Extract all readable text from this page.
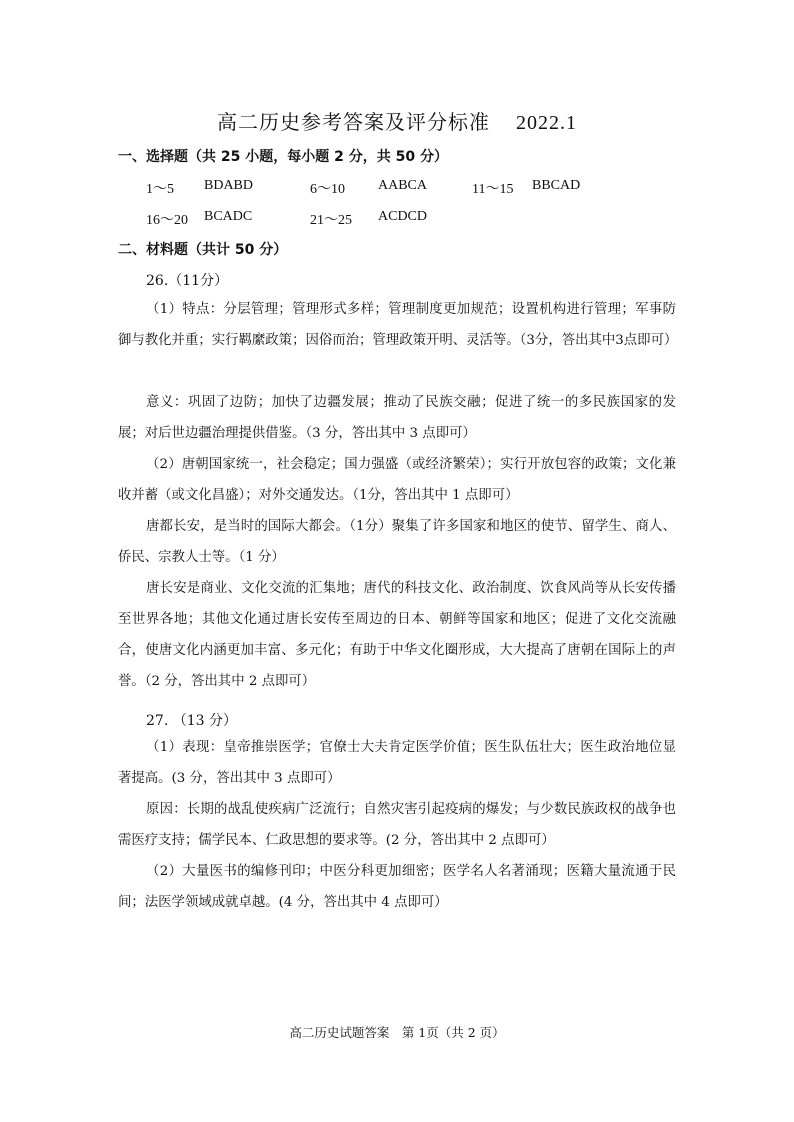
高二历史参考答案及评分标准 2022.1
一、选择题（共 25 小题，每小题 2 分，共 50 分）
1～5 BDABD	6～10 AABCA	11～15 BBCAD
16～20 BCADC	21～25 ACDCD
二、材料题（共计 50 分）
26.（11分）
（1）特点：分层管理；管理形式多样；管理制度更加规范；设置机构进行管理；军事防御与教化并重；实行羁縻政策；因俗而治；管理政策开明、灵活等。（3分，答出其中3点即可）
意义：巩固了边防；加快了边疆发展；推动了民族交融；促进了统一的多民族国家的发展；对后世边疆治理提供借鉴。（3 分，答出其中 3 点即可）
（2）唐朝国家统一，社会稳定；国力强盛（或经济繁荣）；实行开放包容的政策；文化兼收并蓄（或文化昌盛）；对外交通发达。（1分，答出其中 1 点即可）
唐都长安，是当时的国际大都会。（1分）聚集了许多国家和地区的使节、留学生、商人、侨民、宗教人士等。（1 分）
唐长安是商业、文化交流的汇集地；唐代的科技文化、政治制度、饮食风尚等从长安传播至世界各地；其他文化通过唐长安传至周边的日本、朝鲜等国家和地区；促进了文化交流融合，使唐文化内涵更加丰富、多元化；有助于中华文化圈形成，大大提高了唐朝在国际上的声誉。（2 分，答出其中 2 点即可）
27. （13 分）
（1）表现：皇帝推崇医学；官僚士大夫肯定医学价值；医生队伍壮大；医生政治地位显著提高。(3 分，答出其中 3 点即可）
原因：长期的战乱使疾病广泛流行；自然灾害引起疫病的爆发；与少数民族政权的战争也需医疗支持；儒学民本、仁政思想的要求等。(2 分，答出其中 2 点即可）
（2）大量医书的编修刊印；中医分科更加细密；医学名人名著涌现；医籍大量流通于民间；法医学领域成就卓越。(4 分，答出其中 4 点即可）
高二历史试题答案　第 1页（共 2 页）
